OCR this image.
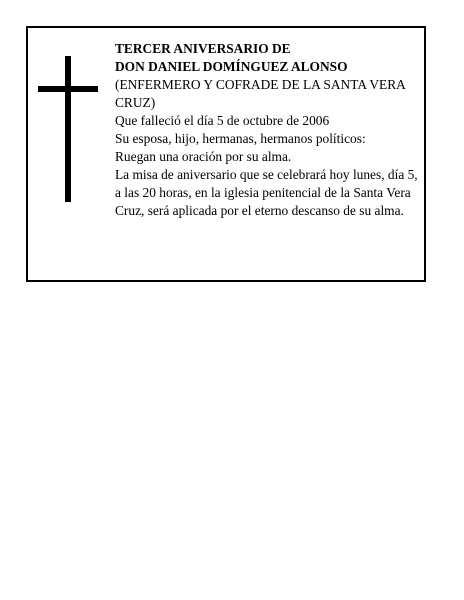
TERCER ANIVERSARIO DE

DON DANIEL DOMÍNGUEZ ALONSO

(ENFERMERO Y COFRADE DE LA SANTA VERA CRUZ)

Que falleció el día 5 de octubre de 2006

Su esposa, hijo, hermanas, hermanos políticos:

Ruegan una oración por su alma.

La misa de aniversario que se celebrará hoy lunes, día 5, a las 20 horas, en la iglesia penitencial de la Santa Vera Cruz, será aplicada por el eterno descanso de su alma.
